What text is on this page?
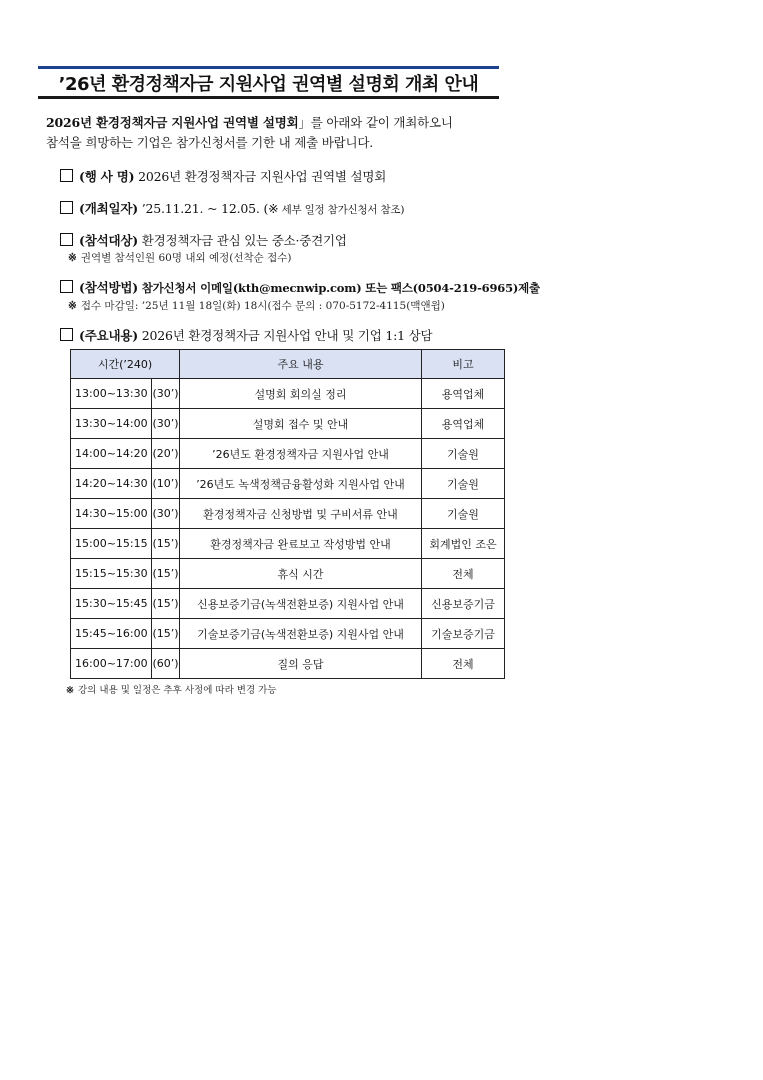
’26년 환경정책자금 지원사업 권역별 설명회 개최 안내
2026년 환경정책자금 지원사업 권역별 설명회」를 아래와 같이 개최하오니
참석을 희망하는 기업은 참가신청서를 기한 내 제출 바랍니다.
(행 사 명) 2026년 환경정책자금 지원사업 권역별 설명회
(개최일자) ’25.11.21. ~ 12.05. (※ 세부 일정 참가신청서 참조)
(참석대상) 환경정책자금 관심 있는 중소·중견기업
※ 권역별 참석인원 60명 내외 예정(선착순 접수)
(참석방법) 참가신청서 이메일(kth@mecnwip.com) 또는 팩스(0504-219-6965)제출
※ 접수 마감일: ’25년 11월 18일(화) 18시(접수 문의 : 070-5172-4115(맥앤윕)
(주요내용) 2026년 환경정책자금 지원사업 안내 및 기업 1:1 상담
시간(’240)		주요 내용	비고
13:00~13:30	(30’)	설명회 회의실 정리	용역업체
13:30~14:00	(30’)	설명회 접수 및 안내	용역업체
14:00~14:20	(20’)	’26년도 환경정책자금 지원사업 안내	기술원
14:20~14:30	(10’)	’26년도 녹색정책금융활성화 지원사업 안내	기술원
14:30~15:00	(30’)	환경정책자금 신청방법 및 구비서류 안내	기술원
15:00~15:15	(15’)	환경정책자금 완료보고 작성방법 안내	회계법인 조은
15:15~15:30	(15’)	휴식 시간	전체
15:30~15:45	(15’)	신용보증기금(녹색전환보증) 지원사업 안내	신용보증기금
15:45~16:00	(15’)	기술보증기금(녹색전환보증) 지원사업 안내	기술보증기금
16:00~17:00	(60’)	질의 응답	전체
※ 강의 내용 및 일정은 추후 사정에 따라 변경 가능
